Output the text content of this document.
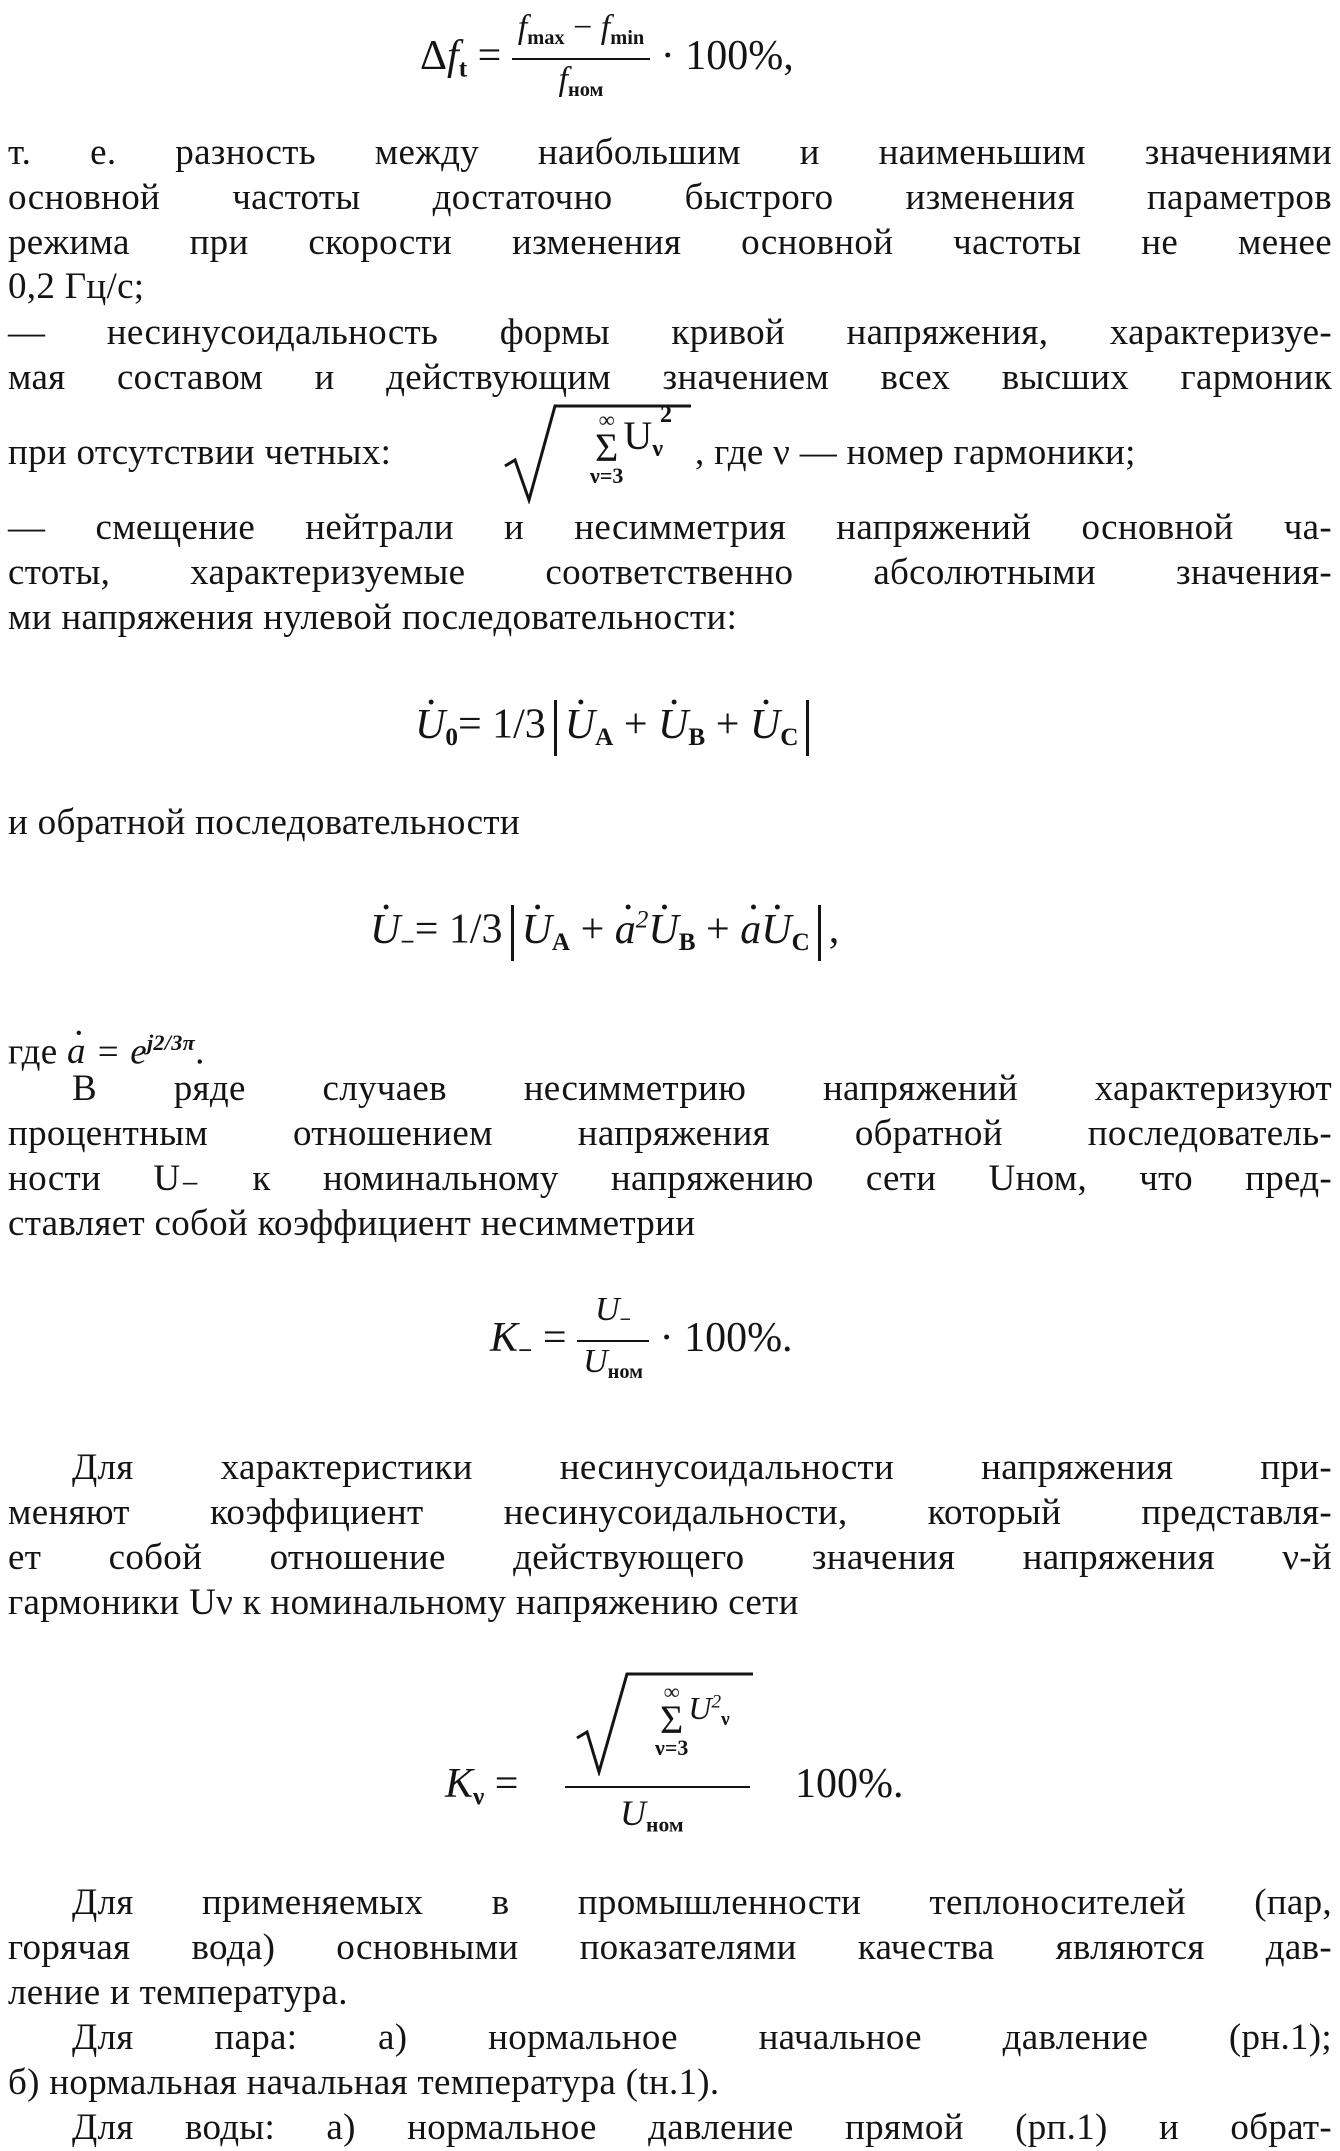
$\Delta f_t = \frac{f_{max} - f_{min}}{f_{ном}} \cdot 100\%$,
т. е. разность между наибольшим и наименьшим значениями
основной частоты достаточно быстрого изменения параметров
режима при скорости изменения основной частоты не менее
0,2 Гц/с;
— несинусоидальность формы кривой напряжения, характеризуе-
мая составом и действующим значением всех высших гармоник
при отсутствии четных:
∞
Σ
ν=3
$U_\nu$
2
, где ν — номер гармоники;
— смещение нейтрали и несимметрия напряжений основной ча-
стоты, характеризуемые соответственно абсолютными значения-
ми напряжения нулевой последовательности:
· $U_0= 1/3 \cdot U_A$ + · $U_B$ + · $U_C$
и обратной последовательности
· $U_-= 1/3 \cdot U_A$ + · $a^2\cdot U_B$ + · $a\cdot U_C$ ,
где · $a = e^{j2/3\pi}$.
В ряде случаев несимметрию напряжений характеризуют
процентным отношением напряжения обратной последователь-
ности U₋ к номинальному напряжению сети Uном, что пред-
ставляет собой коэффициент несимметрии
$K_- = \frac{U_-}{U_{ном}} \cdot 100\%$.
Для характеристики несинусоидальности напряжения при-
меняют коэффициент несинусоидальности, который представля-
ет собой отношение действующего значения напряжения ν-й
гармоники Uν к номинальному напряжению сети
$K_\nu$ =
∞
Σ
ν=3
$^{U^2_\nu}$
$U_{ном}$
100%.
Для применяемых в промышленности теплоносителей (пар,
горячая вода) основными показателями качества являются дав-
ление и температура.
Для пара: а) нормальное начальное давление (pн.1);
б) нормальная начальная температура (tн.1).
Для воды: а) нормальное давление прямой (pп.1) и обрат-
